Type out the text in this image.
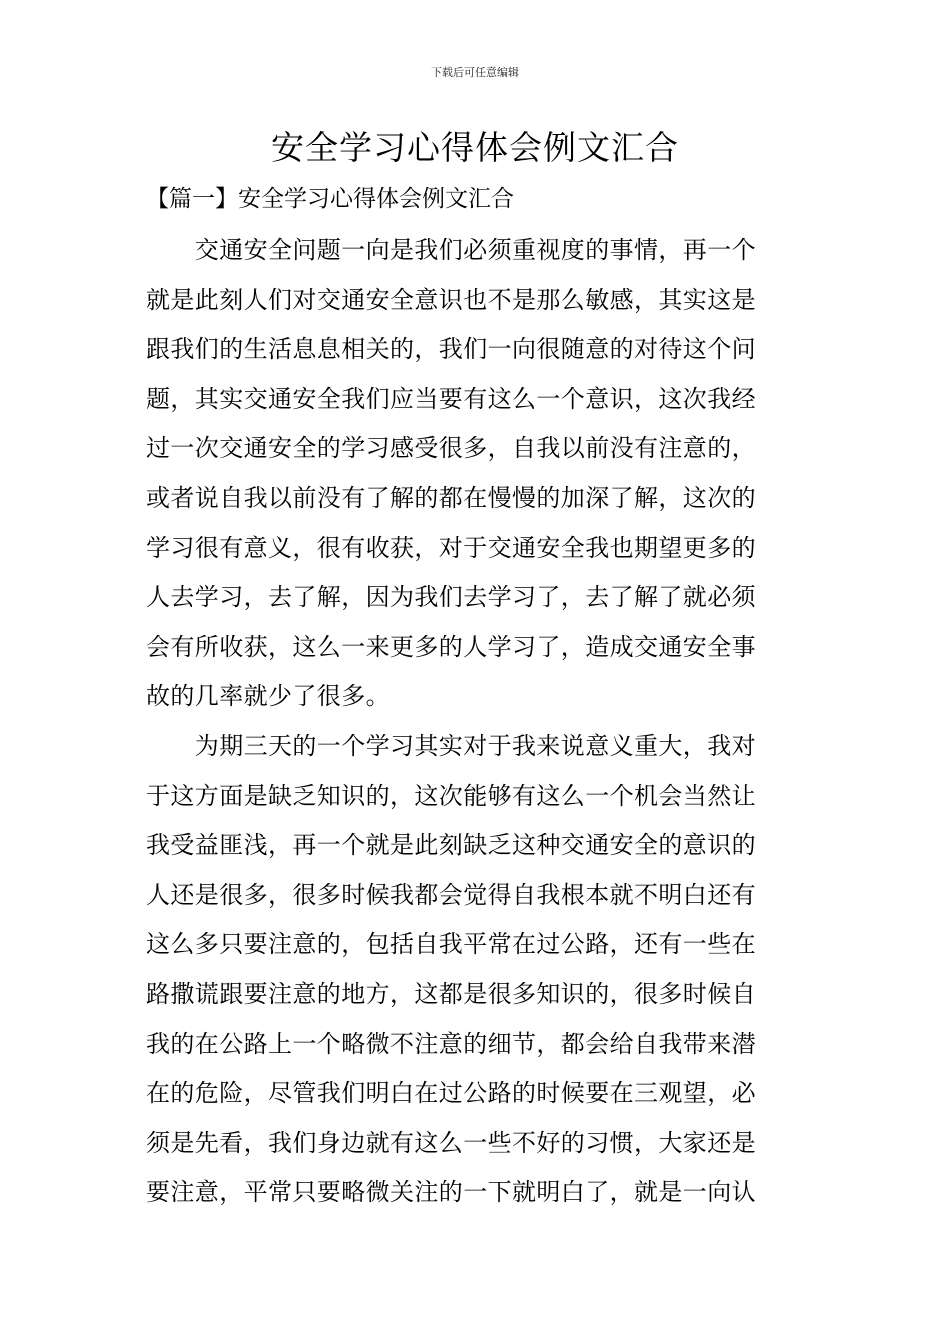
下载后可任意编辑
安全学习心得体会例文汇合
【篇一】安全学习心得体会例文汇合
　　交通安全问题一向是我们必须重视度的事情，再一个
就是此刻人们对交通安全意识也不是那么敏感，其实这是
跟我们的生活息息相关的，我们一向很随意的对待这个问
题，其实交通安全我们应当要有这么一个意识，这次我经
过一次交通安全的学习感受很多，自我以前没有注意的，
或者说自我以前没有了解的都在慢慢的加深了解，这次的
学习很有意义，很有收获，对于交通安全我也期望更多的
人去学习，去了解，因为我们去学习了，去了解了就必须
会有所收获，这么一来更多的人学习了，造成交通安全事
故的几率就少了很多。
　　为期三天的一个学习其实对于我来说意义重大，我对
于这方面是缺乏知识的，这次能够有这么一个机会当然让
我受益匪浅，再一个就是此刻缺乏这种交通安全的意识的
人还是很多，很多时候我都会觉得自我根本就不明白还有
这么多只要注意的，包括自我平常在过公路，还有一些在
路撒谎跟要注意的地方，这都是很多知识的，很多时候自
我的在公路上一个略微不注意的细节，都会给自我带来潜
在的危险，尽管我们明白在过公路的时候要在三观望，必
须是先看，我们身边就有这么一些不好的习惯，大家还是
要注意，平常只要略微关注的一下就明白了，就是一向认
